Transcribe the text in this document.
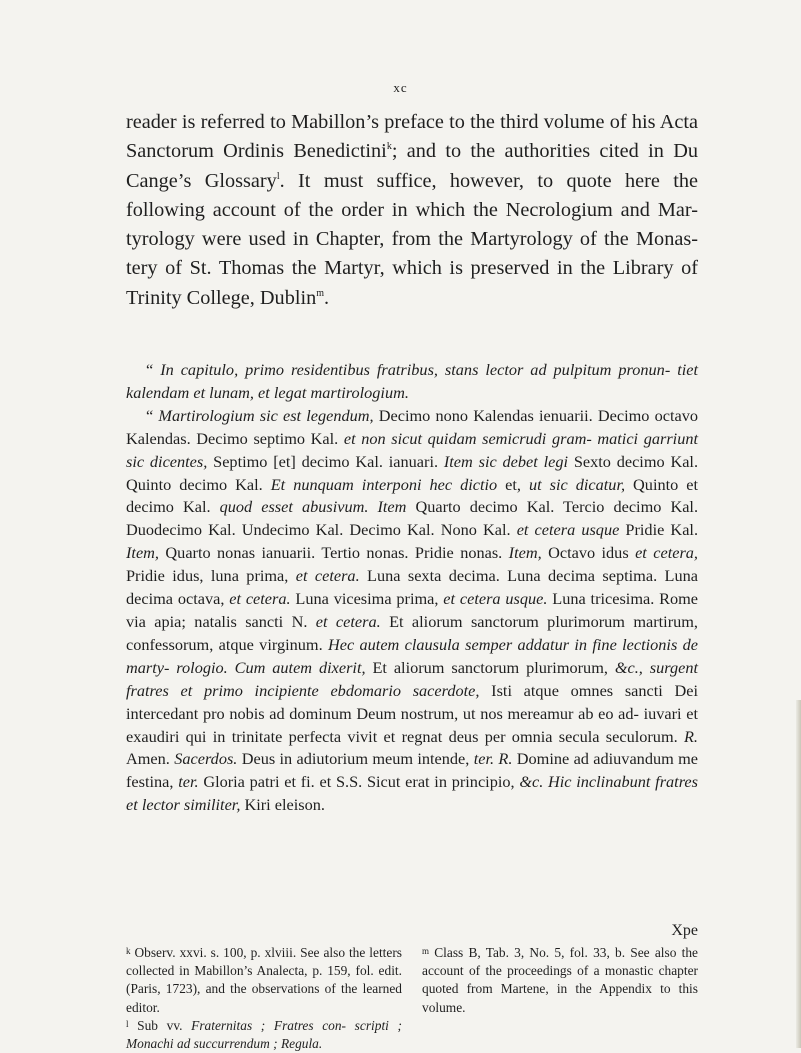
xc

reader is referred to Mabillon’s preface to the third volume of his Acta Sanctorum Ordinis Benedictini$^k$; and to the authorities cited in Du Cange’s Glossary$^l$. It must suffice, however, to quote here the following account of the order in which the Necrologium and Mar- tyrology were used in Chapter, from the Martyrology of the Monas- tery of St. Thomas the Martyr, which is preserved in the Library of Trinity College, Dublin$^m$.

“ In capitulo, primo residentibus fratribus, stans lector ad pulpitum pronun- tiet kalendam et lunam, et legat martirologium.

“ Martirologium sic est legendum, Decimo nono Kalendas ienuarii. Decimo octavo Kalendas. Decimo septimo Kal. et non sicut quidam semicrudi gram- matici garriunt sic dicentes, Septimo [et] decimo Kal. ianuari. Item sic debet legi Sexto decimo Kal. Quinto decimo Kal. Et nunquam interponi hec dictio et, ut sic dicatur, Quinto et decimo Kal. quod esset abusivum. Item Quarto decimo Kal. Tercio decimo Kal. Duodecimo Kal. Undecimo Kal. Decimo Kal. Nono Kal. et cetera usque Pridie Kal. Item, Quarto nonas ianuarii. Tertio nonas. Pridie nonas. Item, Octavo idus et cetera, Pridie idus, luna prima, et cetera. Luna sexta decima. Luna decima septima. Luna decima octava, et cetera. Luna vicesima prima, et cetera usque. Luna tricesima. Rome via apia; natalis sancti N. et cetera. Et aliorum sanctorum plurimorum martirum, confessorum, atque virginum. Hec autem clausula semper addatur in fine lectionis de marty- rologio. Cum autem dixerit, Et aliorum sanctorum plurimorum, &c., surgent fratres et primo incipiente ebdomario sacerdote, Isti atque omnes sancti Dei intercedant pro nobis ad dominum Deum nostrum, ut nos mereamur ab eo ad- iuvari et exaudiri qui in trinitate perfecta vivit et regnat deus per omnia secula seculorum. R. Amen. Sacerdos. Deus in adiutorium meum intende, ter. R. Domine ad adiuvandum me festina, ter. Gloria patri et fi. et S.S. Sicut erat in principio, &c. Hic inclinabunt fratres et lector similiter, Kiri eleison.

Xpe

$^k$ Observ. xxvi. s. 100, p. xlviii. See also the letters collected in Mabillon’s Analecta, p. 159, fol. edit. (Paris, 1723), and the observations of the learned editor.

$^l$ Sub vv. Fraternitas ; Fratres con- scripti ; Monachi ad succurrendum ; Regula.

$^m$ Class B, Tab. 3, No. 5, fol. 33, b. See also the account of the proceedings of a monastic chapter quoted from Martene, in the Appendix to this volume.
